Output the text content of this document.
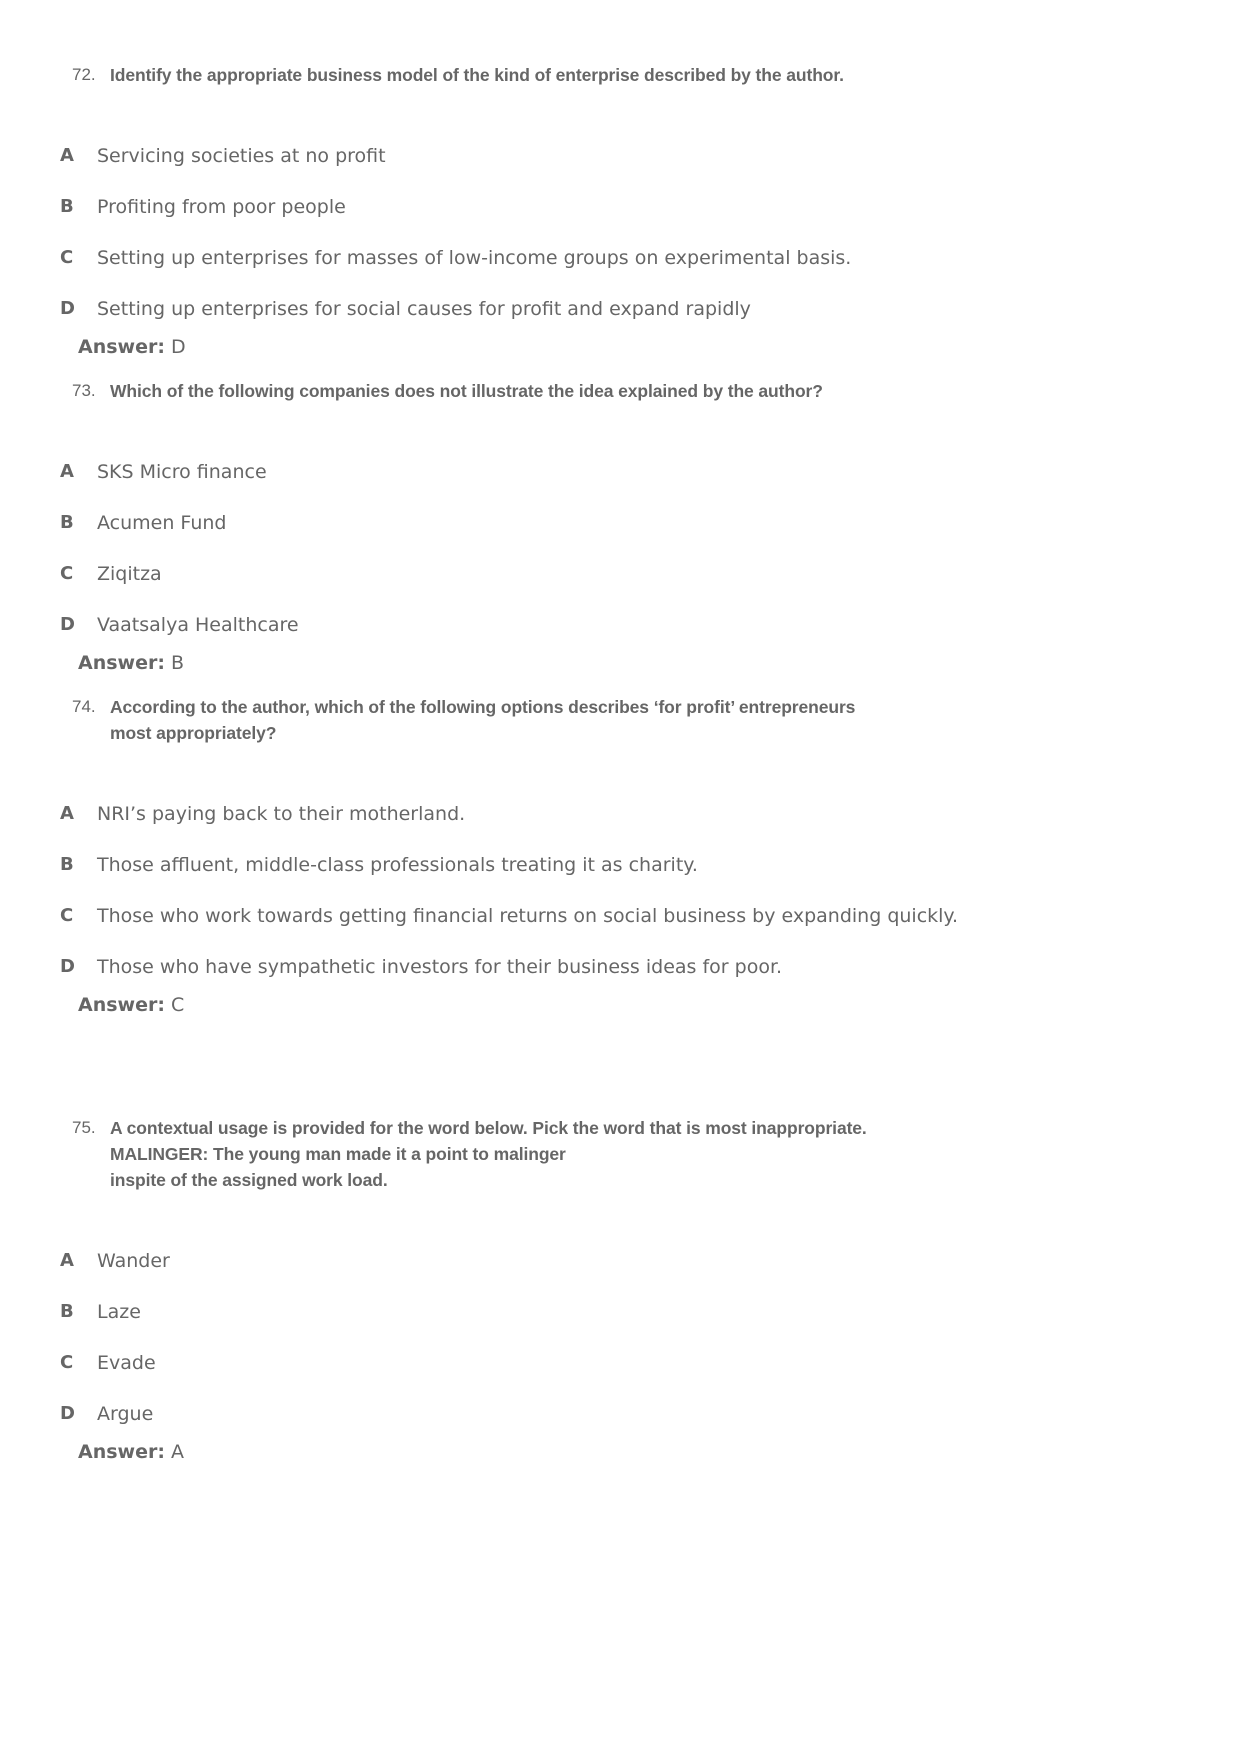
72. Identify the appropriate business model of the kind of enterprise described by the author.
A Servicing societies at no profit
B Profiting from poor people
C Setting up enterprises for masses of low-income groups on experimental basis.
D Setting up enterprises for social causes for profit and expand rapidly
Answer: D
73. Which of the following companies does not illustrate the idea explained by the author?
A SKS Micro finance
B Acumen Fund
C Ziqitza
D Vaatsalya Healthcare
Answer: B
74. According to the author, which of the following options describes ‘for profit’ entrepreneurs
most appropriately?
A NRI’s paying back to their motherland.
B Those affluent, middle-class professionals treating it as charity.
C Those who work towards getting financial returns on social business by expanding quickly.
D Those who have sympathetic investors for their business ideas for poor.
Answer: C
75. A contextual usage is provided for the word below. Pick the word that is most inappropriate.
MALINGER: The young man made it a point to malinger
inspite of the assigned work load.
A Wander
B Laze
C Evade
D Argue
Answer: A
